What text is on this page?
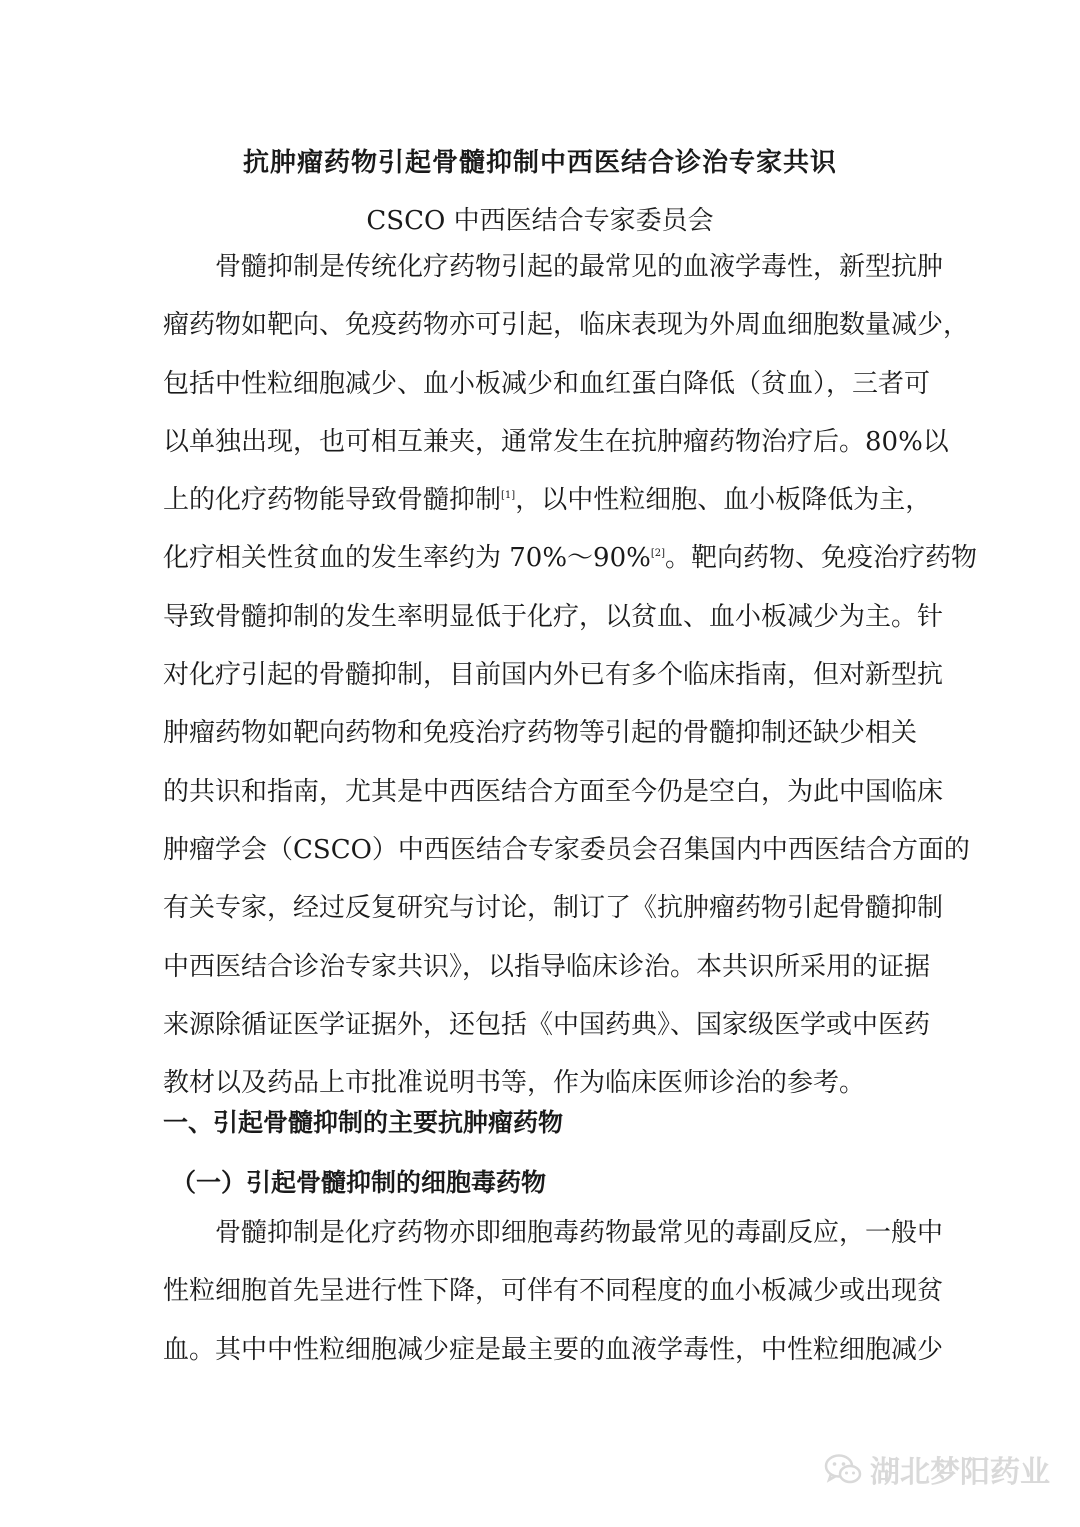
抗肿瘤药物引起骨髓抑制中西医结合诊治专家共识
CSCO 中西医结合专家委员会
骨髓抑制是传统化疗药物引起的最常见的血液学毒性，新型抗肿
瘤药物如靶向、免疫药物亦可引起，临床表现为外周血细胞数量减少，
包括中性粒细胞减少、血小板减少和血红蛋白降低（贫血），三者可
以单独出现，也可相互兼夹，通常发生在抗肿瘤药物治疗后。80%以
上的化疗药物能导致骨髓抑制[1]，以中性粒细胞、血小板降低为主，
化疗相关性贫血的发生率约为 70%～90%[2]。靶向药物、免疫治疗药物
导致骨髓抑制的发生率明显低于化疗，以贫血、血小板减少为主。针
对化疗引起的骨髓抑制，目前国内外已有多个临床指南，但对新型抗
肿瘤药物如靶向药物和免疫治疗药物等引起的骨髓抑制还缺少相关
的共识和指南，尤其是中西医结合方面至今仍是空白，为此中国临床
肿瘤学会（CSCO）中西医结合专家委员会召集国内中西医结合方面的
有关专家，经过反复研究与讨论，制订了《抗肿瘤药物引起骨髓抑制
中西医结合诊治专家共识》，以指导临床诊治。本共识所采用的证据
来源除循证医学证据外，还包括《中国药典》、国家级医学或中医药
教材以及药品上市批准说明书等，作为临床医师诊治的参考。
一、引起骨髓抑制的主要抗肿瘤药物
（一）引起骨髓抑制的细胞毒药物
骨髓抑制是化疗药物亦即细胞毒药物最常见的毒副反应，一般中
性粒细胞首先呈进行性下降，可伴有不同程度的血小板减少或出现贫
血。其中中性粒细胞减少症是最主要的血液学毒性，中性粒细胞减少
湖北梦阳药业
